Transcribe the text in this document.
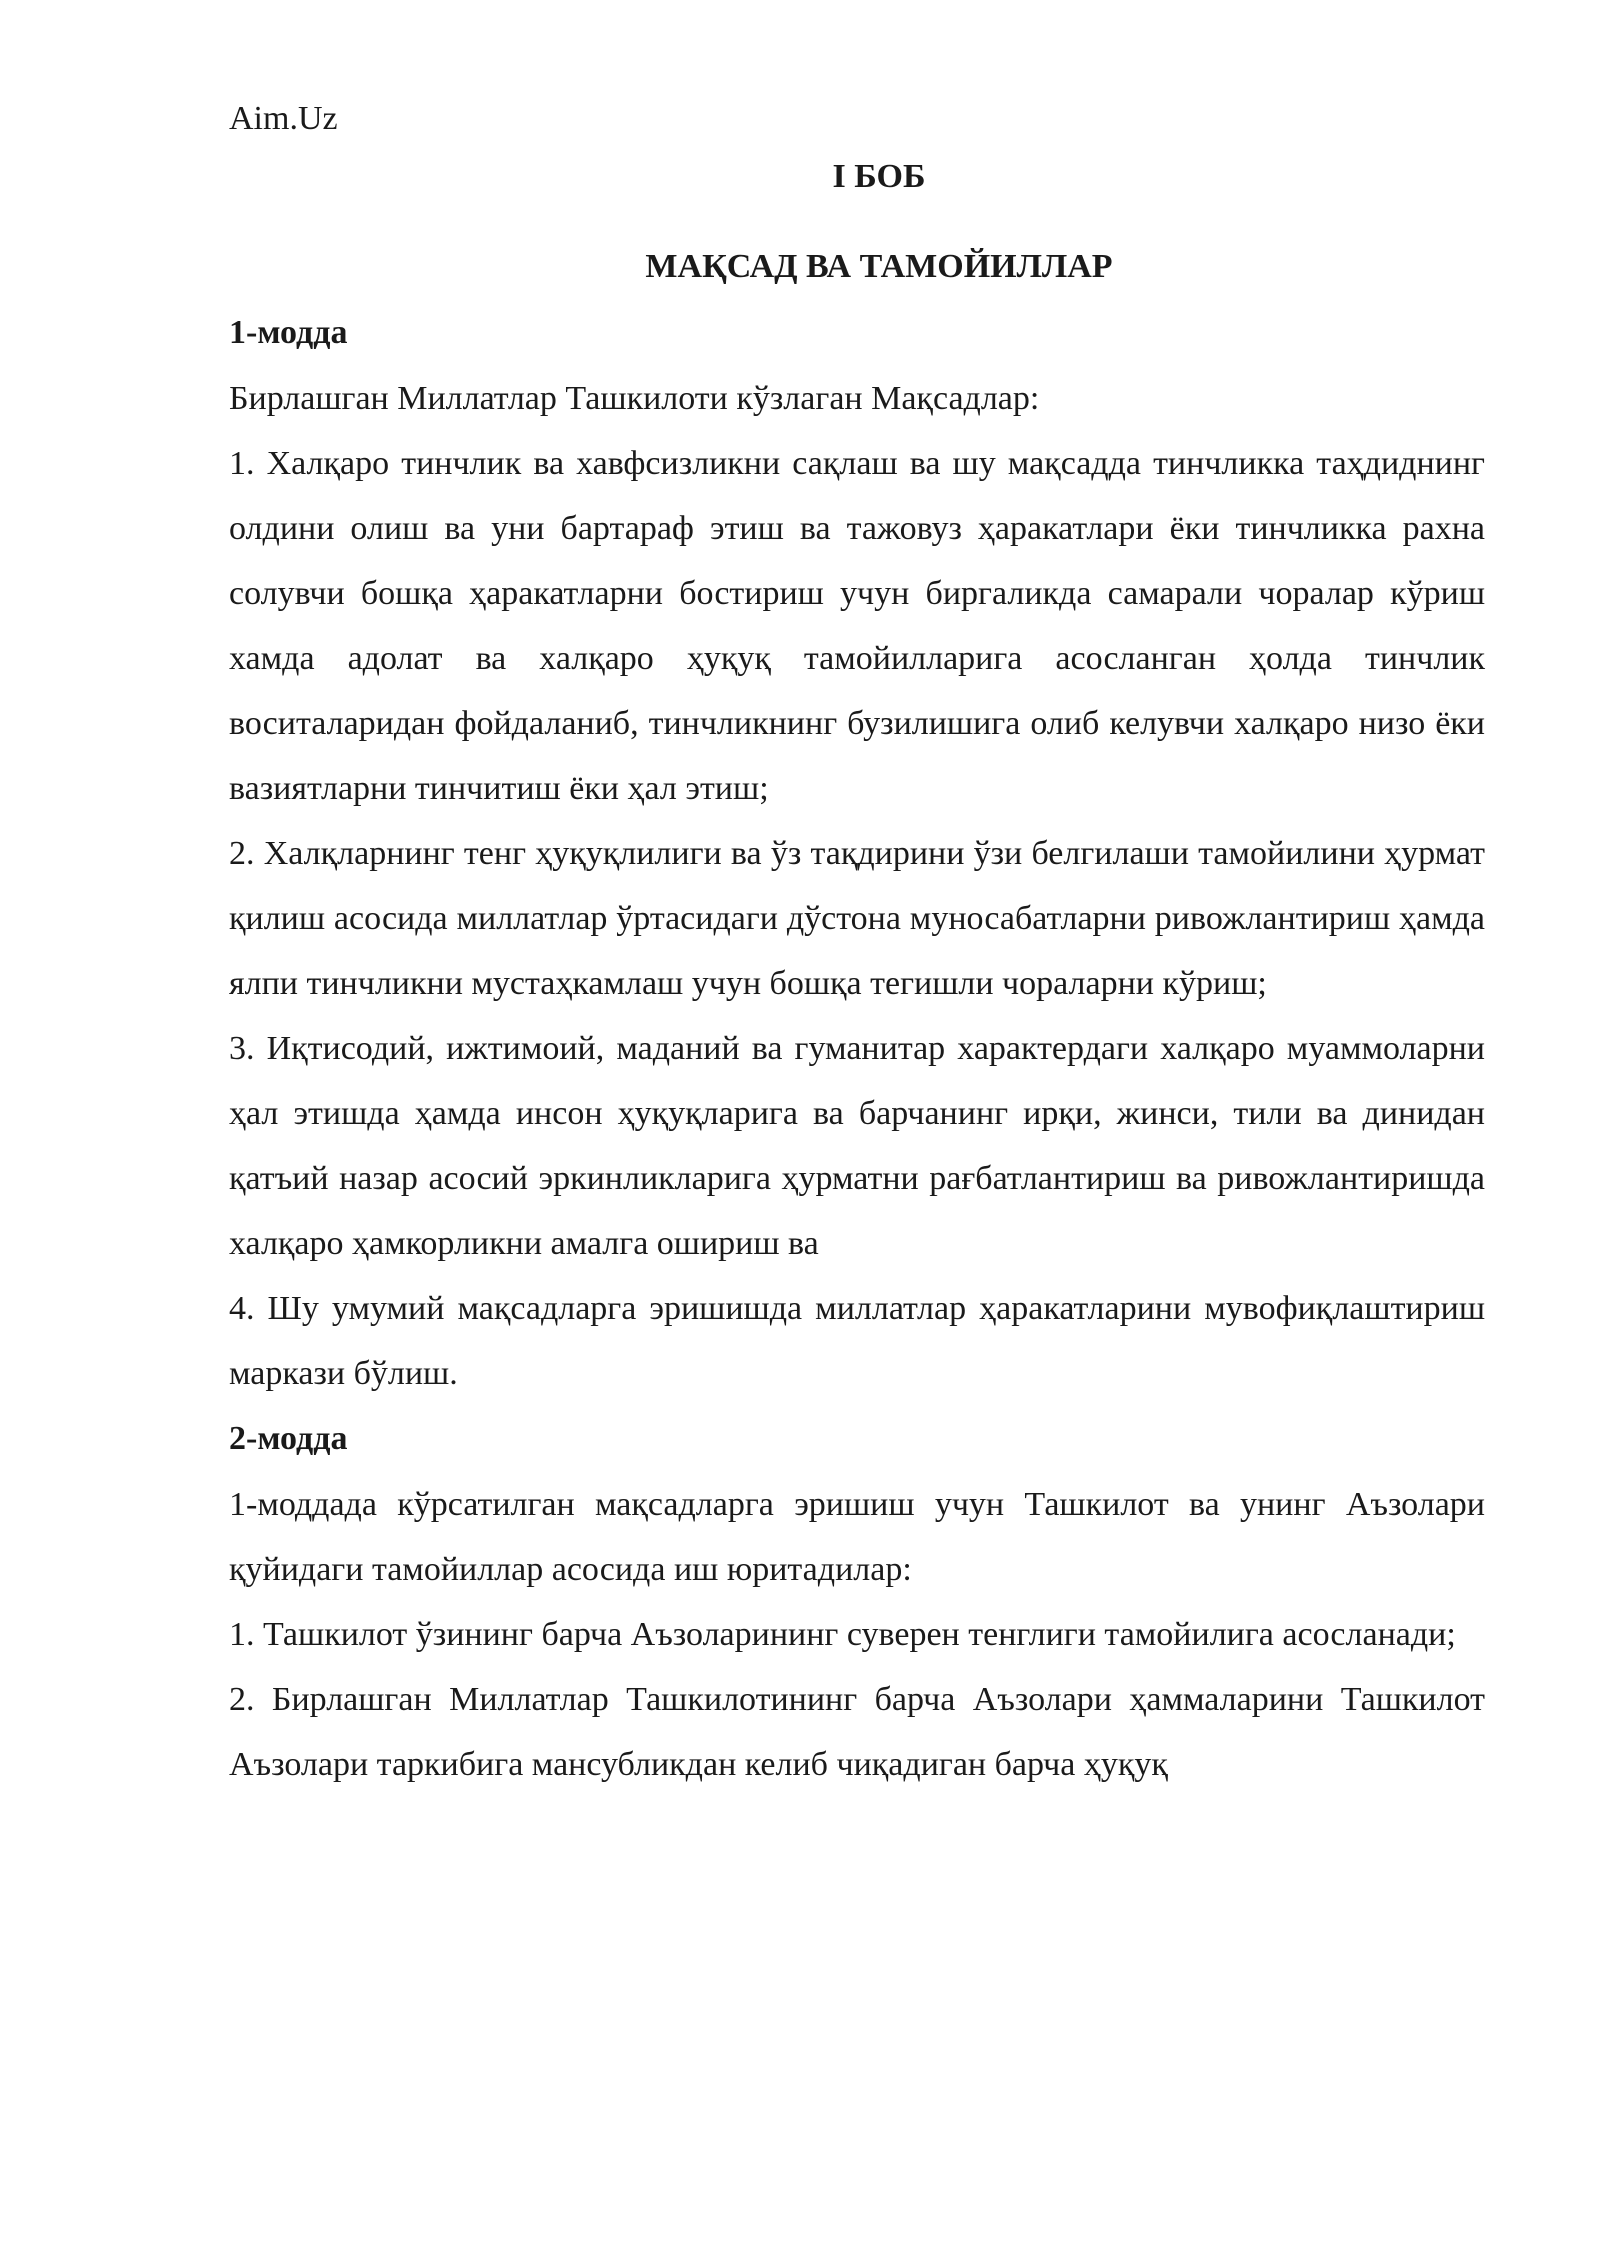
Aim.Uz

I БОБ

МАҚСАД ВА ТАМОЙИЛЛАР

1-модда

Бирлашган Миллатлар Ташкилоти кўзлаган Мақсадлар:

1. Халқаро тинчлик ва хавфсизликни сақлаш ва шу мақсадда тинчликка таҳдиднинг олдини олиш ва уни бартараф этиш ва тажовуз ҳаракатлари ёки тинчликка рахна солувчи бошқа ҳаракатларни бостириш учун биргаликда самарали чоралар кўриш хамда адолат ва халқаро ҳуқуқ тамойилларига асосланган ҳолда тинчлик воситаларидан фойдаланиб, тинчликнинг бузилишига олиб келувчи халқаро низо ёки вазиятларни тинчитиш ёки ҳал этиш;

2. Халқларнинг тенг ҳуқуқлилиги ва ўз тақдирини ўзи белгилаши тамойилини ҳурмат қилиш асосида миллатлар ўртасидаги дўстона муносабатларни ривожлантириш ҳамда ялпи тинчликни мустаҳкамлаш учун бошқа тегишли чораларни кўриш;

3. Иқтисодий, ижтимоий, маданий ва гуманитар характердаги халқаро муаммоларни ҳал этишда ҳамда инсон ҳуқуқларига ва барчанинг ирқи, жинси, тили ва динидан қатъий назар асосий эркинликларига ҳурматни рағбатлантириш ва ривожлантиришда халқаро ҳамкорликни амалга ошириш ва

4. Шу умумий мақсадларга эришишда миллатлар ҳаракатларини мувофиқлаштириш маркази бўлиш.

2-модда

1-моддада кўрсатилган мақсадларга эришиш учун Ташкилот ва унинг Аъзолари қуйидаги тамойиллар асосида иш юритадилар:

1. Ташкилот ўзининг барча Аъзоларининг суверен тенглиги тамойилига асосланади;

2. Бирлашган Миллатлар Ташкилотининг барча Аъзолари ҳаммаларини Ташкилот Аъзолари таркибига мансубликдан келиб чиқадиган барча ҳуқуқ
